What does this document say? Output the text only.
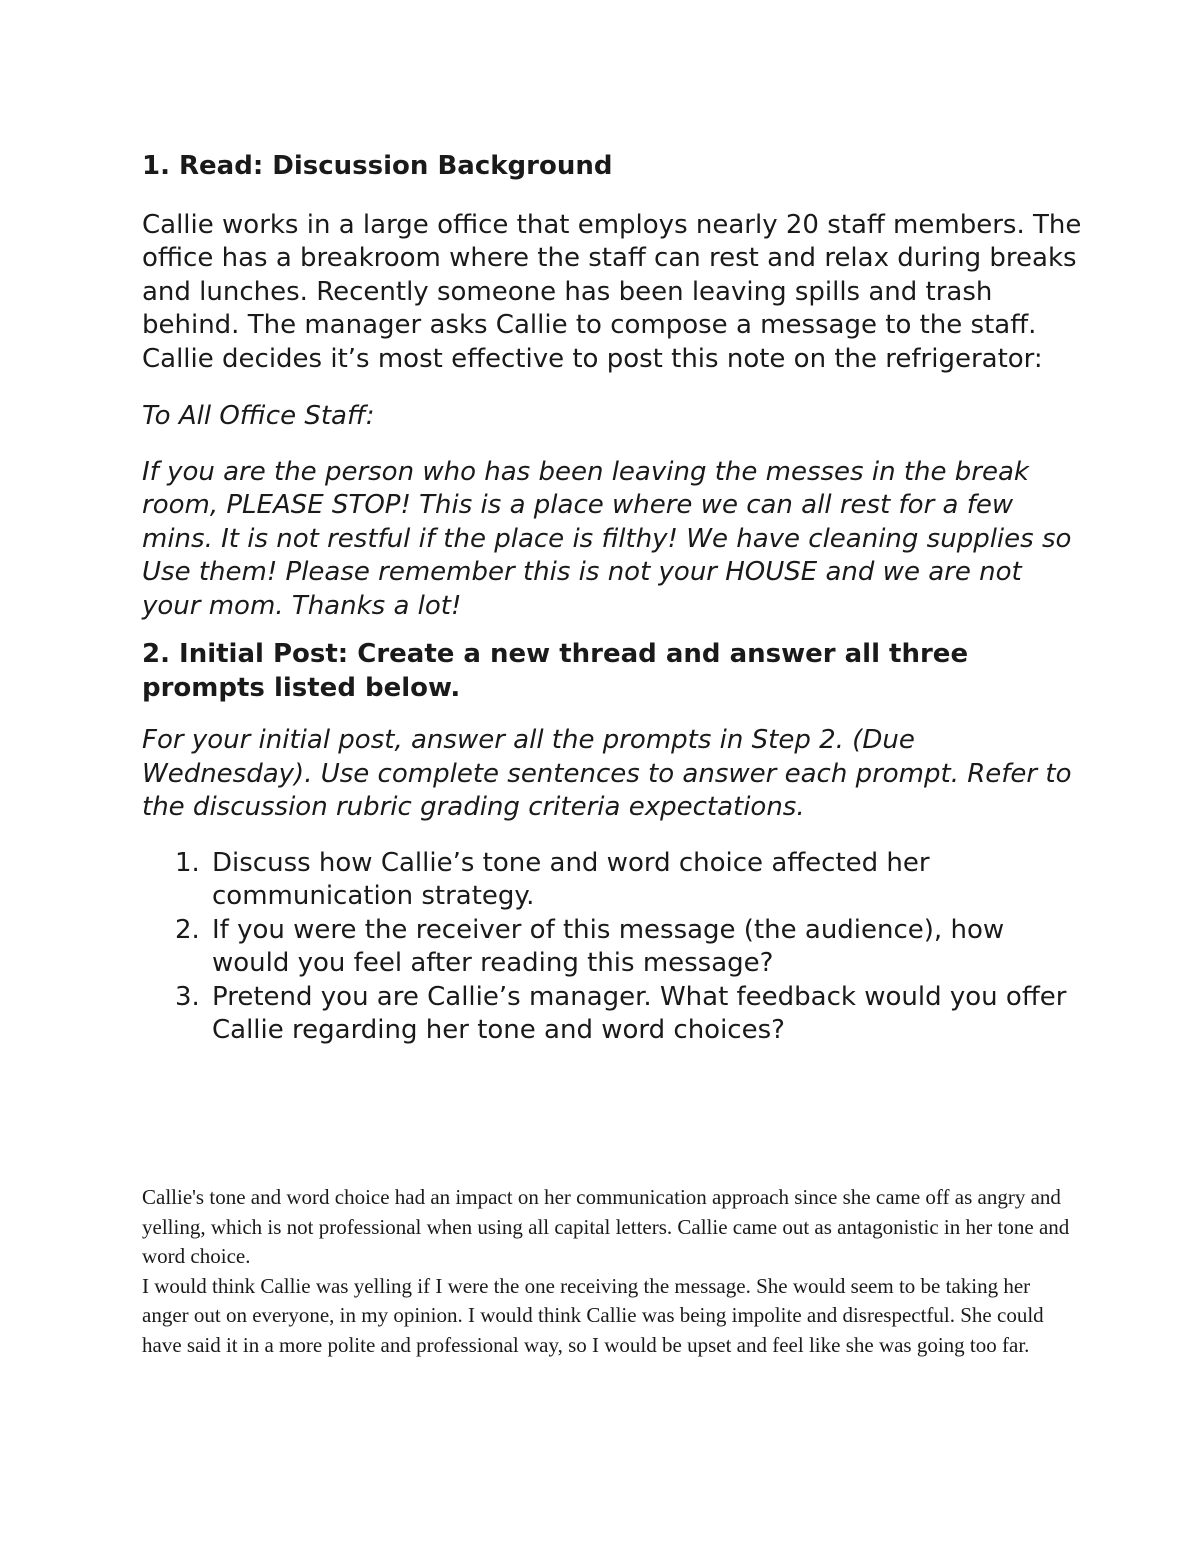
1. Read: Discussion Background

Callie works in a large office that employs nearly 20 staff members. The office has a breakroom where the staff can rest and relax during breaks and lunches. Recently someone has been leaving spills and trash behind. The manager asks Callie to compose a message to the staff. Callie decides it’s most effective to post this note on the refrigerator:

To All Office Staff:

If you are the person who has been leaving the messes in the break room, PLEASE STOP! This is a place where we can all rest for a few mins. It is not restful if the place is filthy! We have cleaning supplies so Use them! Please remember this is not your HOUSE and we are not your mom. Thanks a lot!

2. Initial Post: Create a new thread and answer all three prompts listed below.

For your initial post, answer all the prompts in Step 2. (Due Wednesday). Use complete sentences to answer each prompt. Refer to the discussion rubric grading criteria expectations.

Discuss how Callie’s tone and word choice affected her communication strategy.
If you were the receiver of this message (the audience), how would you feel after reading this message?
Pretend you are Callie’s manager. What feedback would you offer Callie regarding her tone and word choices?

Callie's tone and word choice had an impact on her communication approach since she came off as angry and yelling, which is not professional when using all capital letters. Callie came out as antagonistic in her tone and word choice.

I would think Callie was yelling if I were the one receiving the message. She would seem to be taking her anger out on everyone, in my opinion. I would think Callie was being impolite and disrespectful. She could have said it in a more polite and professional way, so I would be upset and feel like she was going too far.
